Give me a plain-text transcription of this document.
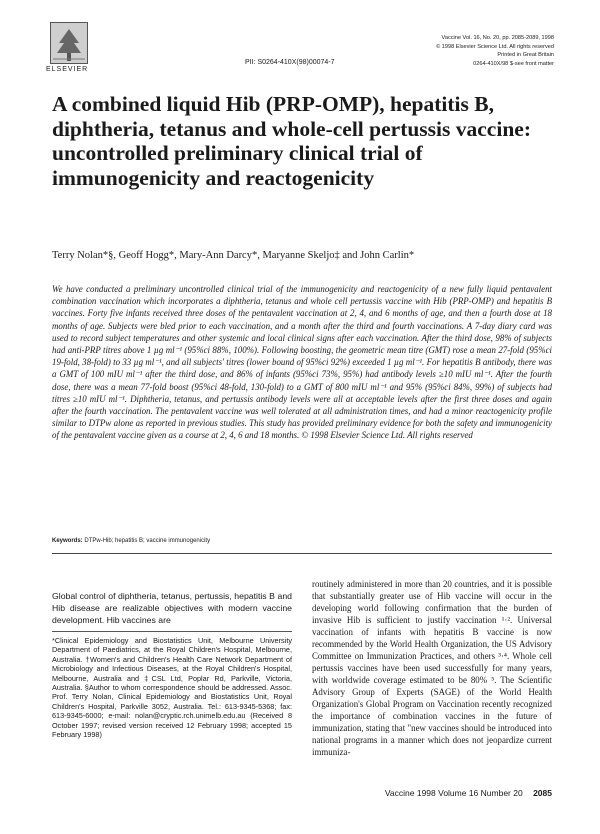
ELSEVIER
PII: S0264-410X(98)00074-7
Vaccine Vol. 16, No. 20, pp. 2085-2089, 1998
© 1998 Elsevier Science Ltd. All rights reserved
Printed in Great Britain
0264-410X/98 $-see front matter
A combined liquid Hib (PRP-OMP), hepatitis B, diphtheria, tetanus and whole-cell pertussis vaccine: uncontrolled preliminary clinical trial of immunogenicity and reactogenicity
Terry Nolan*§, Geoff Hogg*, Mary-Ann Darcy*, Maryanne Skeljo‡ and John Carlin*
We have conducted a preliminary uncontrolled clinical trial of the immunogenicity and reactogenicity of a new fully liquid pentavalent combination vaccination which incorporates a diphtheria, tetanus and whole cell pertussis vaccine with Hib (PRP-OMP) and hepatitis B vaccines. Forty five infants received three doses of the pentavalent vaccination at 2, 4, and 6 months of age, and then a fourth dose at 18 months of age. Subjects were bled prior to each vaccination, and a month after the third and fourth vaccinations. A 7-day diary card was used to record subject temperatures and other systemic and local clinical signs after each vaccination. After the third dose, 98% of subjects had anti-PRP titres above 1 µg ml⁻¹ (95%ci 88%, 100%). Following boosting, the geometric mean titre (GMT) rose a mean 27-fold (95%ci 19-fold, 38-fold) to 33 µg ml⁻¹, and all subjects' titres (lower bound of 95%ci 92%) exceeded 1 µg ml⁻¹. For hepatitis B antibody, there was a GMT of 100 mIU ml⁻¹ after the third dose, and 86% of infants (95%ci 73%, 95%) had antibody levels ≥10 mIU ml⁻¹. After the fourth dose, there was a mean 77-fold boost (95%ci 48-fold, 130-fold) to a GMT of 800 mIU ml⁻¹ and 95% (95%ci 84%, 99%) of subjects had titres ≥10 mIU ml⁻¹. Diphtheria, tetanus, and pertussis antibody levels were all at acceptable levels after the first three doses and again after the fourth vaccination. The pentavalent vaccine was well tolerated at all administration times, and had a minor reactogenicity profile similar to DTPw alone as reported in previous studies. This study has provided preliminary evidence for both the safety and immunogenicity of the pentavalent vaccine given as a course at 2, 4, 6 and 18 months. © 1998 Elsevier Science Ltd. All rights reserved
Keywords: DTPw-Hib; hepatitis B; vaccine immunogenicity
Global control of diphtheria, tetanus, pertussis, hepatitis B and Hib disease are realizable objectives with modern vaccine development. Hib vaccines are
*Clinical Epidemiology and Biostatistics Unit, Melbourne University Department of Paediatrics, at the Royal Children's Hospital, Melbourne, Australia. †Women's and Children's Health Care Network Department of Microbiology and Infectious Diseases, at the Royal Children's Hospital, Melbourne, Australia and ‡CSL Ltd, Poplar Rd, Parkville, Victoria, Australia. §Author to whom correspondence should be addressed. Assoc. Prof. Terry Nolan, Clinical Epidemiology and Biostatistics Unit, Royal Children's Hospital, Parkville 3052, Australia. Tel.: 613-9345-5368; fax: 613-9345-6000; e-mail: nolan@cryptic.rch.unimelb.edu.au (Received 8 October 1997; revised version received 12 February 1998; accepted 15 February 1998)
routinely administered in more than 20 countries, and it is possible that substantially greater use of Hib vaccine will occur in the developing world following confirmation that the burden of invasive Hib is sufficient to justify vaccination ¹·². Universal vaccination of infants with hepatitis B vaccine is now recommended by the World Health Organization, the US Advisory Committee on Immunization Practices, and others ³·⁴. Whole cell pertussis vaccines have been used successfully for many years, with worldwide coverage estimated to be 80% ⁵. The Scientific Advisory Group of Experts (SAGE) of the World Health Organization's Global Program on Vaccination recently recognized the importance of combination vaccines in the future of immunization, stating that "new vaccines should be introduced into national programs in a manner which does not jeopardize current immuniza-
Vaccine 1998 Volume 16 Number 20 2085
